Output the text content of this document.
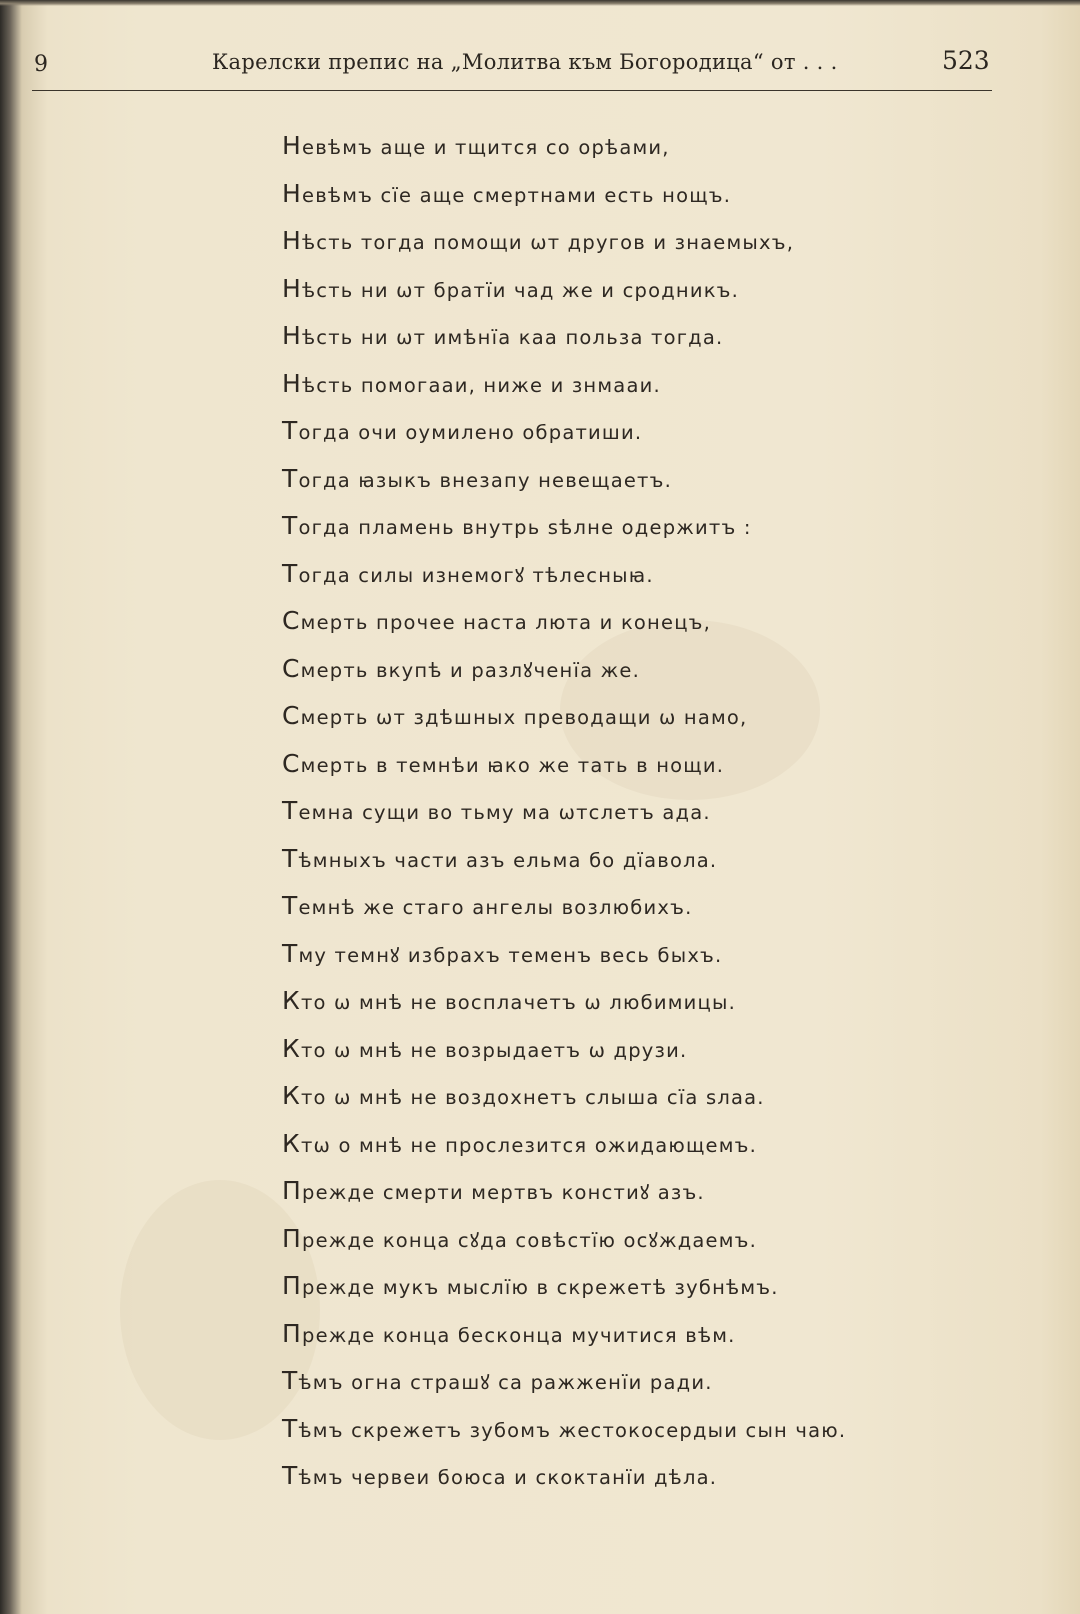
9	Карелски препис на „Молитва към Богородица“ от . . .	523
Невѣмъ аще и тщится со орѣами,
Невѣмъ сїе аще смертнами есть нощъ.
Нѣсть тогда помощи ѡт другов и знаемыхъ,
Нѣсть ни ѡт братїи чад же и сродникъ.
Нѣсть ни ѡт имѣнїа каа польза тогда.
Нѣсть помогааи, ниже и знмааи.
Тогда очи оумилено обратиши.
Тогда ꙗзыкъ внезапу невещаетъ.
Тогда пламень внутрь ѕѣлне одержитъ :
Тогда силы изнемогꙋ тѣлесныꙗ.
Смерть прочее наста люта и конецъ,
Смерть вкупѣ и разлꙋченїа же.
Смерть ѡт здѣшных преводащи ѡ намо,
Смерть в темнѣи ꙗко же тать в нощи.
Темна сущи во тьму ма ѡтслетъ ада.
Тѣмныхъ части азъ ельма бо дїавола.
Темнѣ же стаго ангелы возлюбихъ.
Тму темнꙋ избрахъ теменъ весь быхъ.
Кто ѡ мнѣ не восплачетъ ѡ любимицы.
Кто ѡ мнѣ не возрыдаетъ ѡ друзи.
Кто ѡ мнѣ не воздохнетъ слыша сїа ѕлаа.
Ктѡ о мнѣ не прослезится ожидающемъ.
Прежде смерти мертвъ констиꙋ азъ.
Прежде конца сꙋда совѣстїю осꙋждаемъ.
Прежде мукъ мыслїю в скрежетѣ зубнѣмъ.
Прежде конца бесконца мучитися вѣм.
Тѣмъ огна страшꙋ са ражженїи ради.
Тѣмъ скрежетъ зубомъ жестокосердыи сын чаю.
Тѣмъ червеи боюса и скоктанїи дѣла.
